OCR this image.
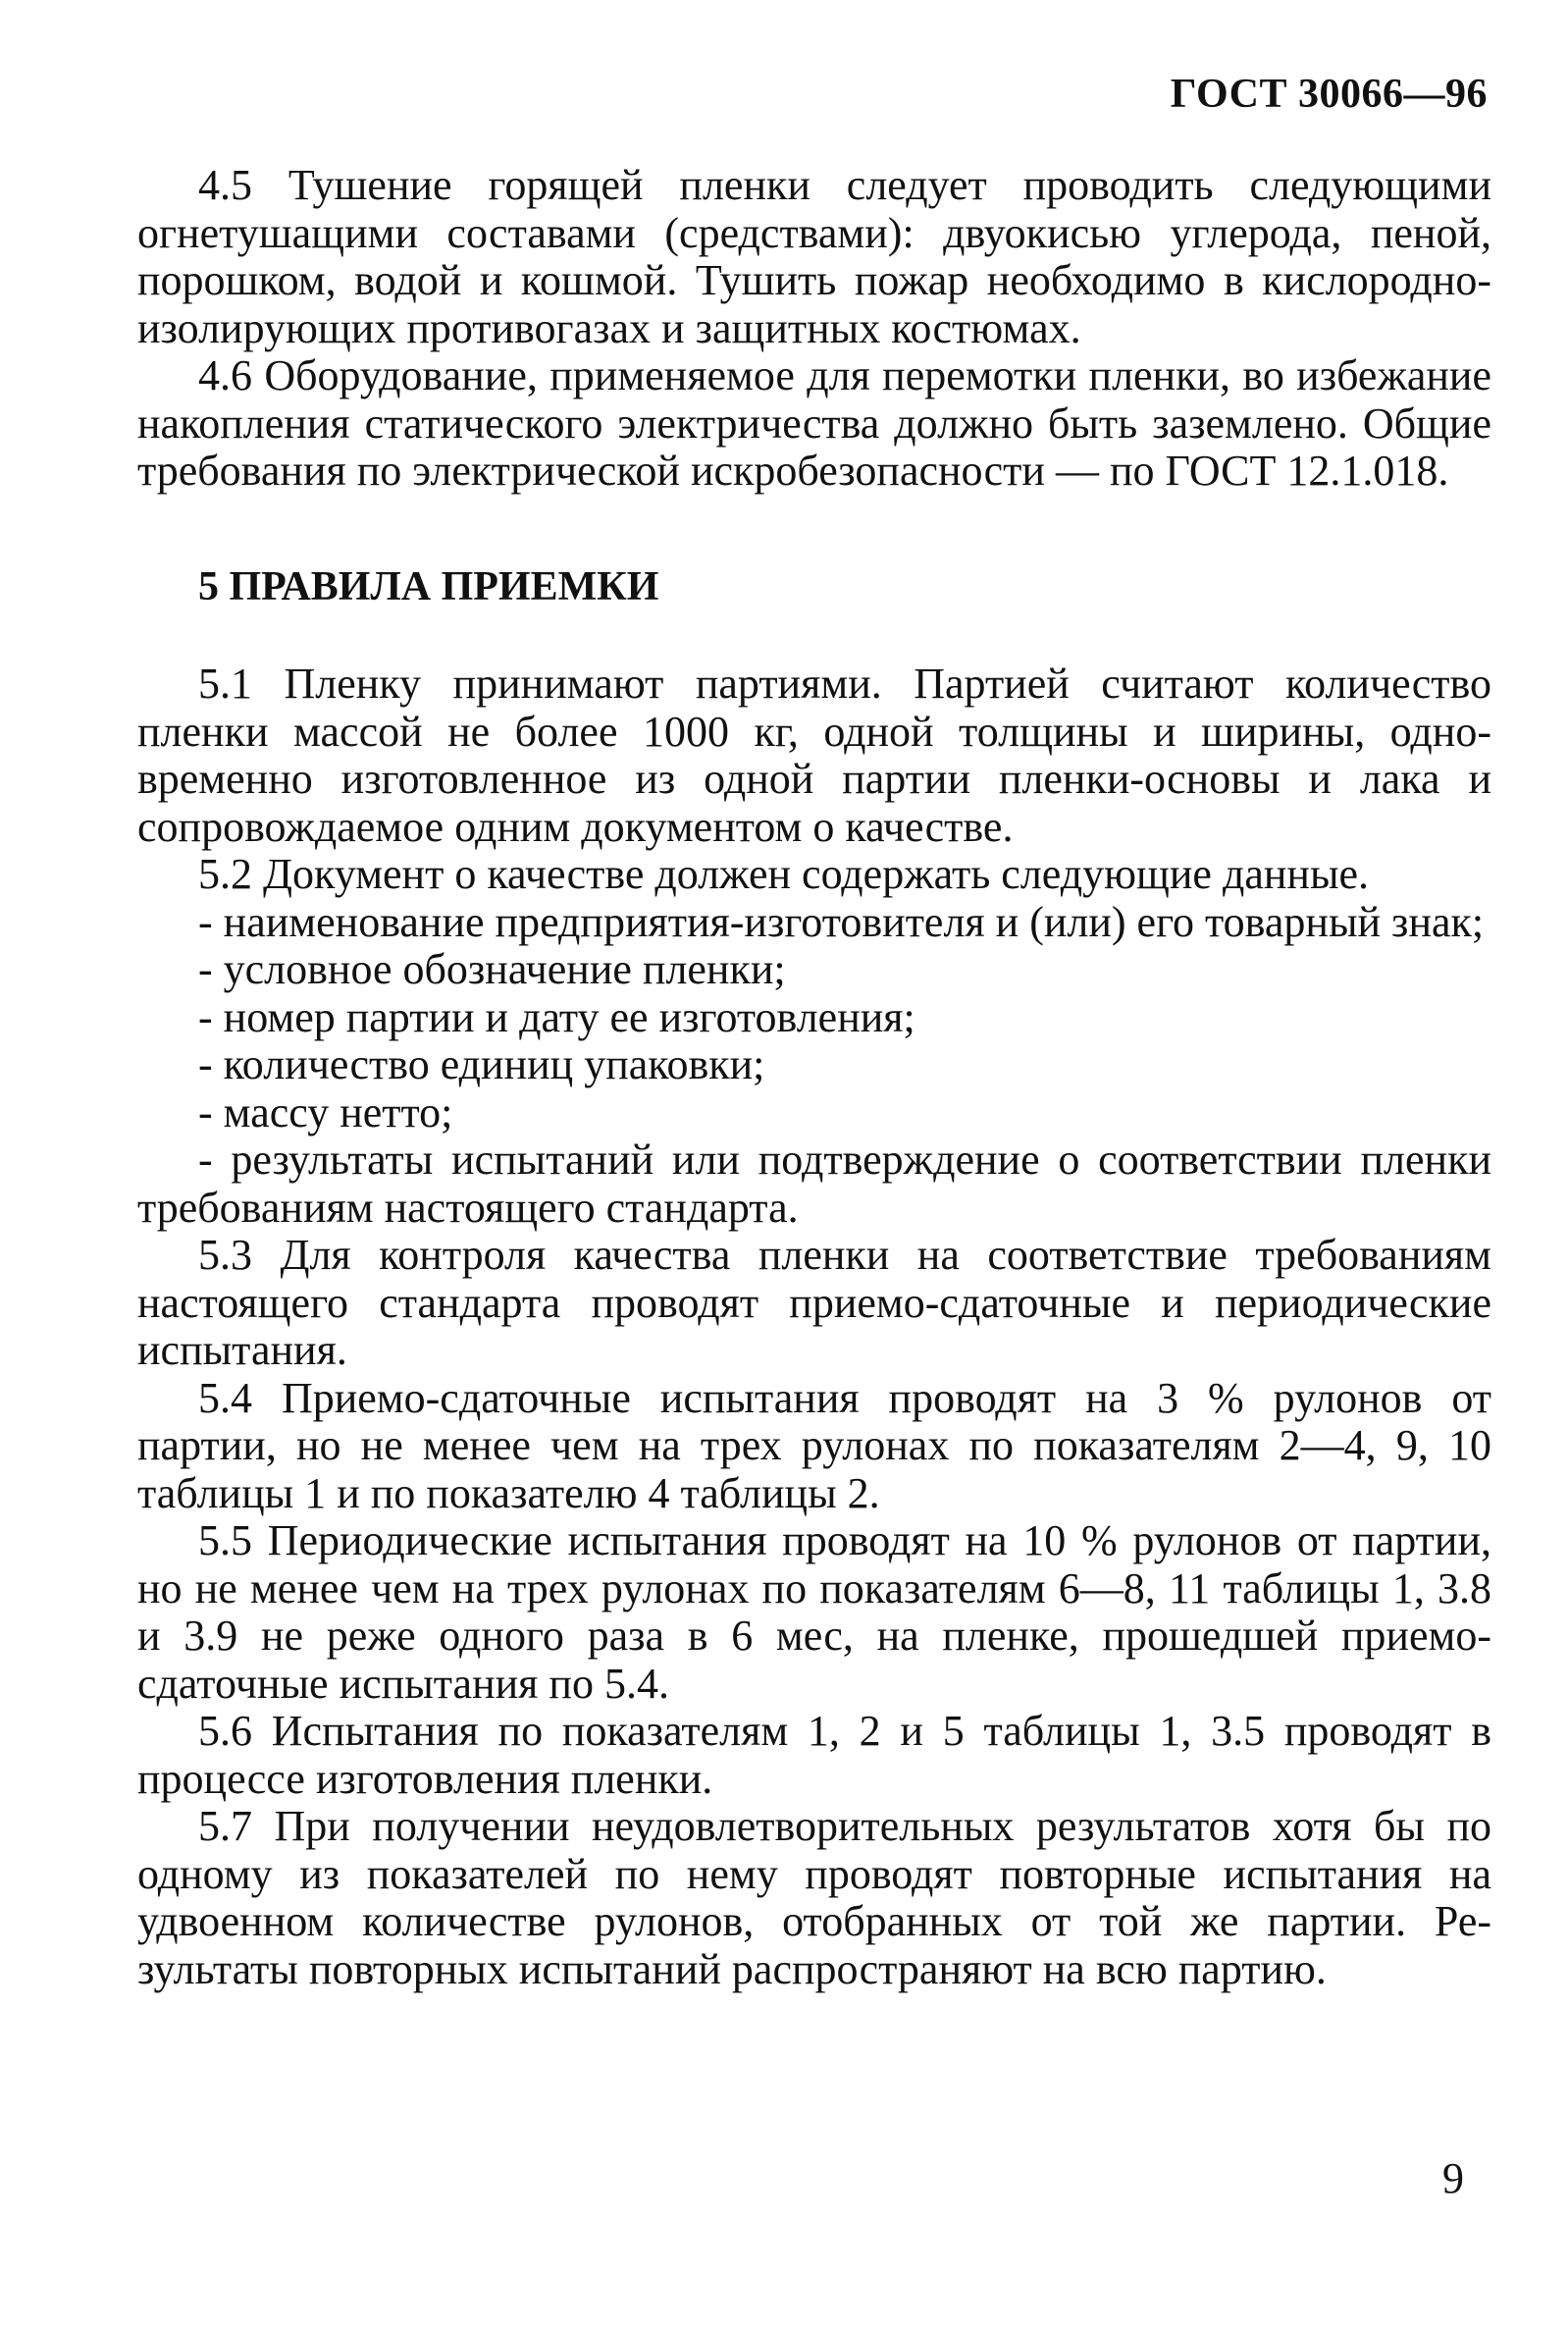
ГОСТ 30066—96

4.5 Тушение горящей пленки следует проводить следующими огнетушащими составами (средствами): двуокисью углерода, пеной, порошком, водой и кошмой. Тушить пожар необходимо в кислородно-изолирующих противогазах и защитных костюмах.

4.6 Оборудование, применяемое для перемотки пленки, во избежание накопления статического электричества должно быть заземлено. Общие требования по электрической искробезопасности — по ГОСТ 12.1.018.

5 ПРАВИЛА ПРИЕМКИ

5.1 Пленку принимают партиями. Партией считают количество пленки массой не более 1000 кг, одной толщины и ширины, одновременно изготовленное из одной партии пленки-основы и лака и сопровождаемое одним документом о качестве.

5.2 Документ о качестве должен содержать следующие данные.

- наименование предприятия-изготовителя и (или) его товарный знак;

- условное обозначение пленки;

- номер партии и дату ее изготовления;

- количество единиц упаковки;

- массу нетто;

- результаты испытаний или подтверждение о соответствии пленки требованиям настоящего стандарта.

5.3 Для контроля качества пленки на соответствие требованиям настоящего стандарта проводят приемо-сдаточные и периодические испытания.

5.4 Приемо-сдаточные испытания проводят на 3 % рулонов от партии, но не менее чем на трех рулонах по показателям 2—4, 9, 10 таблицы 1 и по показателю 4 таблицы 2.

5.5 Периодические испытания проводят на 10 % рулонов от партии, но не менее чем на трех рулонах по показателям 6—8, 11 таблицы 1, 3.8 и 3.9 не реже одного раза в 6 мес, на пленке, прошедшей приемо-сдаточные испытания по 5.4.

5.6 Испытания по показателям 1, 2 и 5 таблицы 1, 3.5 проводят в процессе изготовления пленки.

5.7 При получении неудовлетворительных результатов хотя бы по одному из показателей по нему проводят повторные испытания на удвоенном количестве рулонов, отобранных от той же партии. Результаты повторных испытаний распространяют на всю партию.

9
